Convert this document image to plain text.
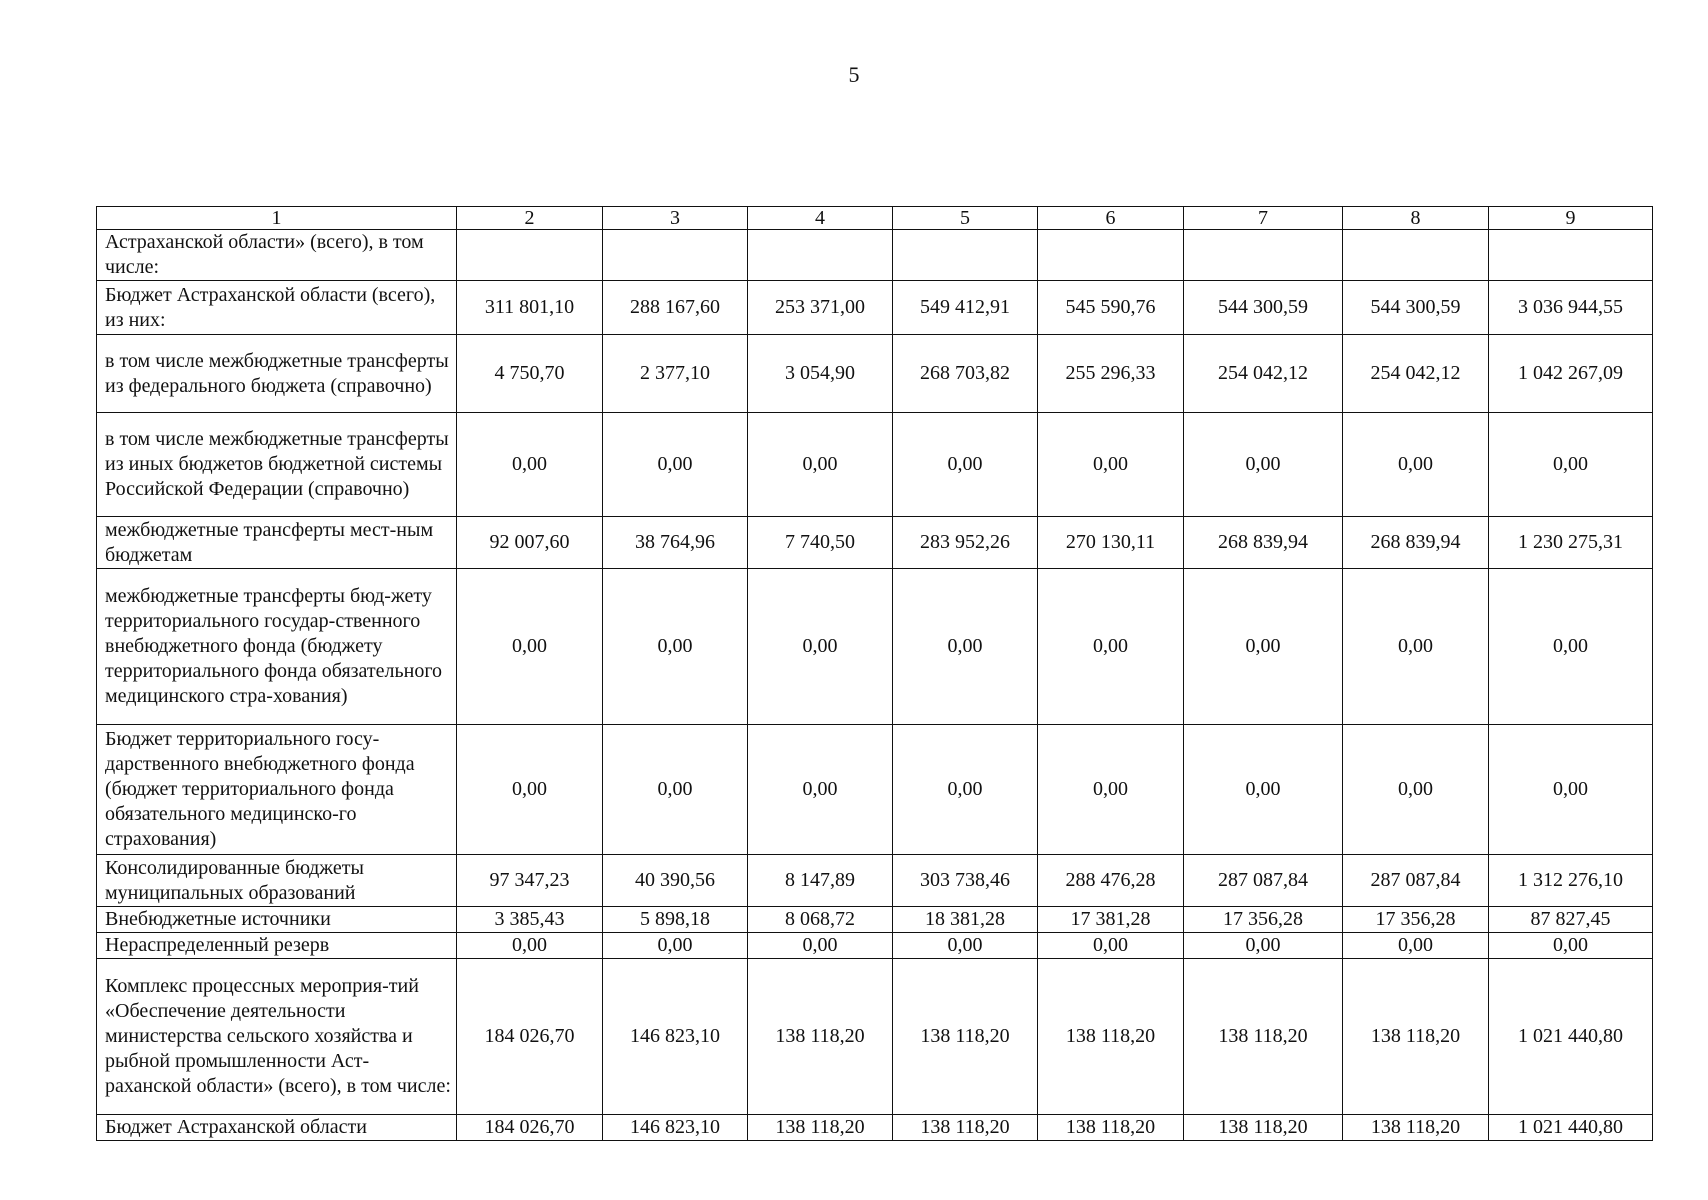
5
1	2	3	4	5	6	7	8	9
Астраханской области» (всего), в том числе:								
Бюджет Астраханской области (всего), из них:	311 801,10	288 167,60	253 371,00	549 412,91	545 590,76	544 300,59	544 300,59	3 036 944,55
в том числе межбюджетные трансферты из федерального бюджета (справочно)	4 750,70	2 377,10	3 054,90	268 703,82	255 296,33	254 042,12	254 042,12	1 042 267,09
в том числе межбюджетные трансферты из иных бюджетов бюджетной системы Российской Федерации (справочно)	0,00	0,00	0,00	0,00	0,00	0,00	0,00	0,00
межбюджетные трансферты мест-ным бюджетам	92 007,60	38 764,96	7 740,50	283 952,26	270 130,11	268 839,94	268 839,94	1 230 275,31
межбюджетные трансферты бюд-жету территориального государ-ственного внебюджетного фонда (бюджету территориального фонда обязательного медицинского стра-хования)	0,00	0,00	0,00	0,00	0,00	0,00	0,00	0,00
Бюджет территориального госу-дарственного внебюджетного фонда (бюджет территориального фонда обязательного медицинско-го страхования)	0,00	0,00	0,00	0,00	0,00	0,00	0,00	0,00
Консолидированные бюджеты муниципальных образований	97 347,23	40 390,56	8 147,89	303 738,46	288 476,28	287 087,84	287 087,84	1 312 276,10
Внебюджетные источники	3 385,43	5 898,18	8 068,72	18 381,28	17 381,28	17 356,28	17 356,28	87 827,45
Нераспределенный резерв	0,00	0,00	0,00	0,00	0,00	0,00	0,00	0,00
Комплекс процессных мероприя-тий «Обеспечение деятельности министерства сельского хозяйства и рыбной промышленности Аст-раханской области» (всего), в том числе:	184 026,70	146 823,10	138 118,20	138 118,20	138 118,20	138 118,20	138 118,20	1 021 440,80
Бюджет Астраханской области	184 026,70	146 823,10	138 118,20	138 118,20	138 118,20	138 118,20	138 118,20	1 021 440,80
